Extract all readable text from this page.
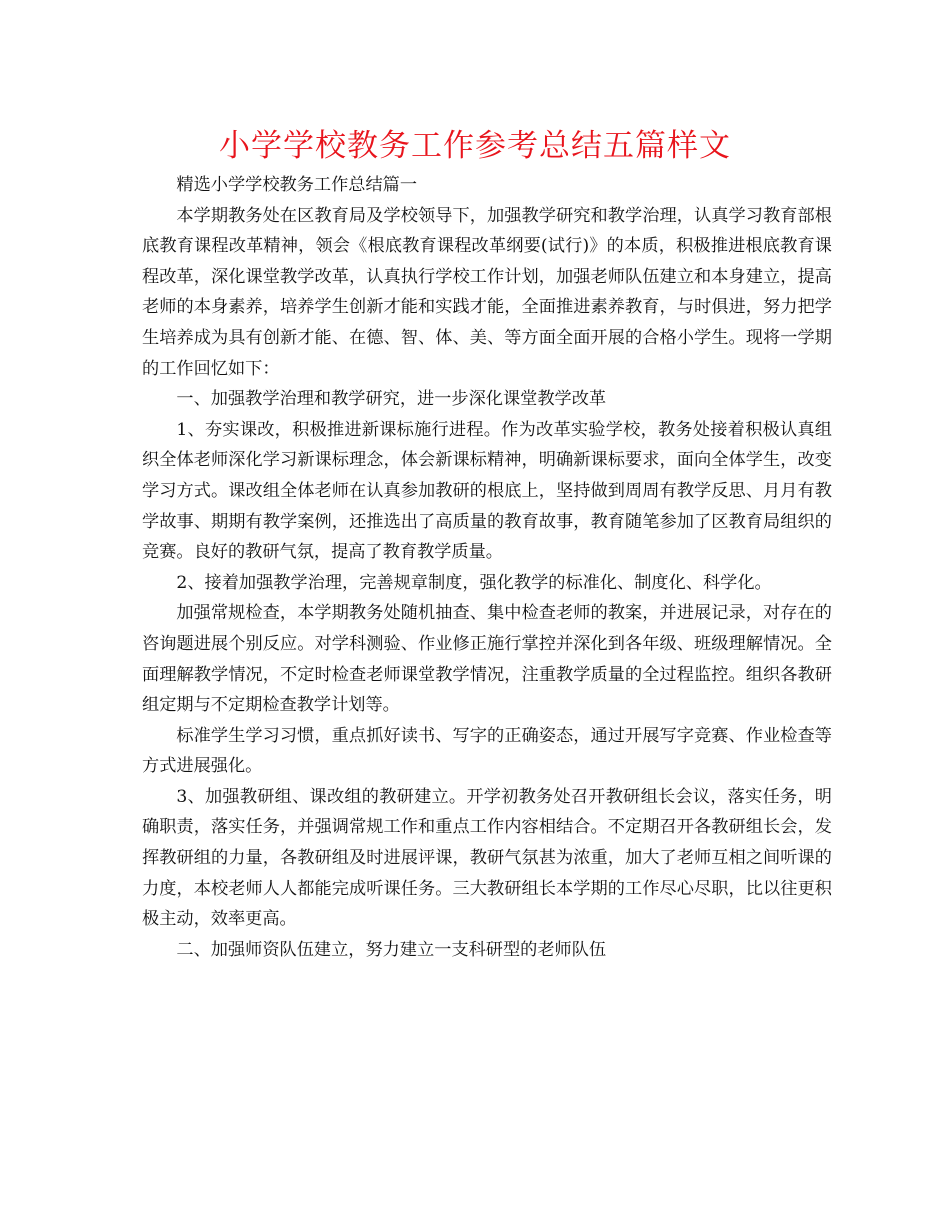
小学学校教务工作参考总结五篇样文

精选小学学校教务工作总结篇一

本学期教务处在区教育局及学校领导下，加强教学研究和教学治理，认真学习教育部根底教育课程改革精神，领会《根底教育课程改革纲要(试行)》的本质，积极推进根底教育课程改革，深化课堂教学改革，认真执行学校工作计划，加强老师队伍建立和本身建立，提高老师的本身素养，培养学生创新才能和实践才能，全面推进素养教育，与时俱进，努力把学生培养成为具有创新才能、在德、智、体、美、等方面全面开展的合格小学生。现将一学期的工作回忆如下：

一、加强教学治理和教学研究，进一步深化课堂教学改革

1、夯实课改，积极推进新课标施行进程。作为改革实验学校，教务处接着积极认真组织全体老师深化学习新课标理念，体会新课标精神，明确新课标要求，面向全体学生，改变学习方式。课改组全体老师在认真参加教研的根底上，坚持做到周周有教学反思、月月有教学故事、期期有教学案例，还推选出了高质量的教育故事，教育随笔参加了区教育局组织的竞赛。良好的教研气氛，提高了教育教学质量。

2、接着加强教学治理，完善规章制度，强化教学的标准化、制度化、科学化。

加强常规检查，本学期教务处随机抽查、集中检查老师的教案，并进展记录，对存在的咨询题进展个别反应。对学科测验、作业修正施行掌控并深化到各年级、班级理解情况。全面理解教学情况，不定时检查老师课堂教学情况，注重教学质量的全过程监控。组织各教研组定期与不定期检查教学计划等。

标准学生学习习惯，重点抓好读书、写字的正确姿态，通过开展写字竞赛、作业检查等方式进展强化。

3、加强教研组、课改组的教研建立。开学初教务处召开教研组长会议，落实任务，明确职责，落实任务，并强调常规工作和重点工作内容相结合。不定期召开各教研组长会，发挥教研组的力量，各教研组及时进展评课，教研气氛甚为浓重，加大了老师互相之间听课的力度，本校老师人人都能完成听课任务。三大教研组长本学期的工作尽心尽职，比以往更积极主动，效率更高。

二、加强师资队伍建立，努力建立一支科研型的老师队伍
